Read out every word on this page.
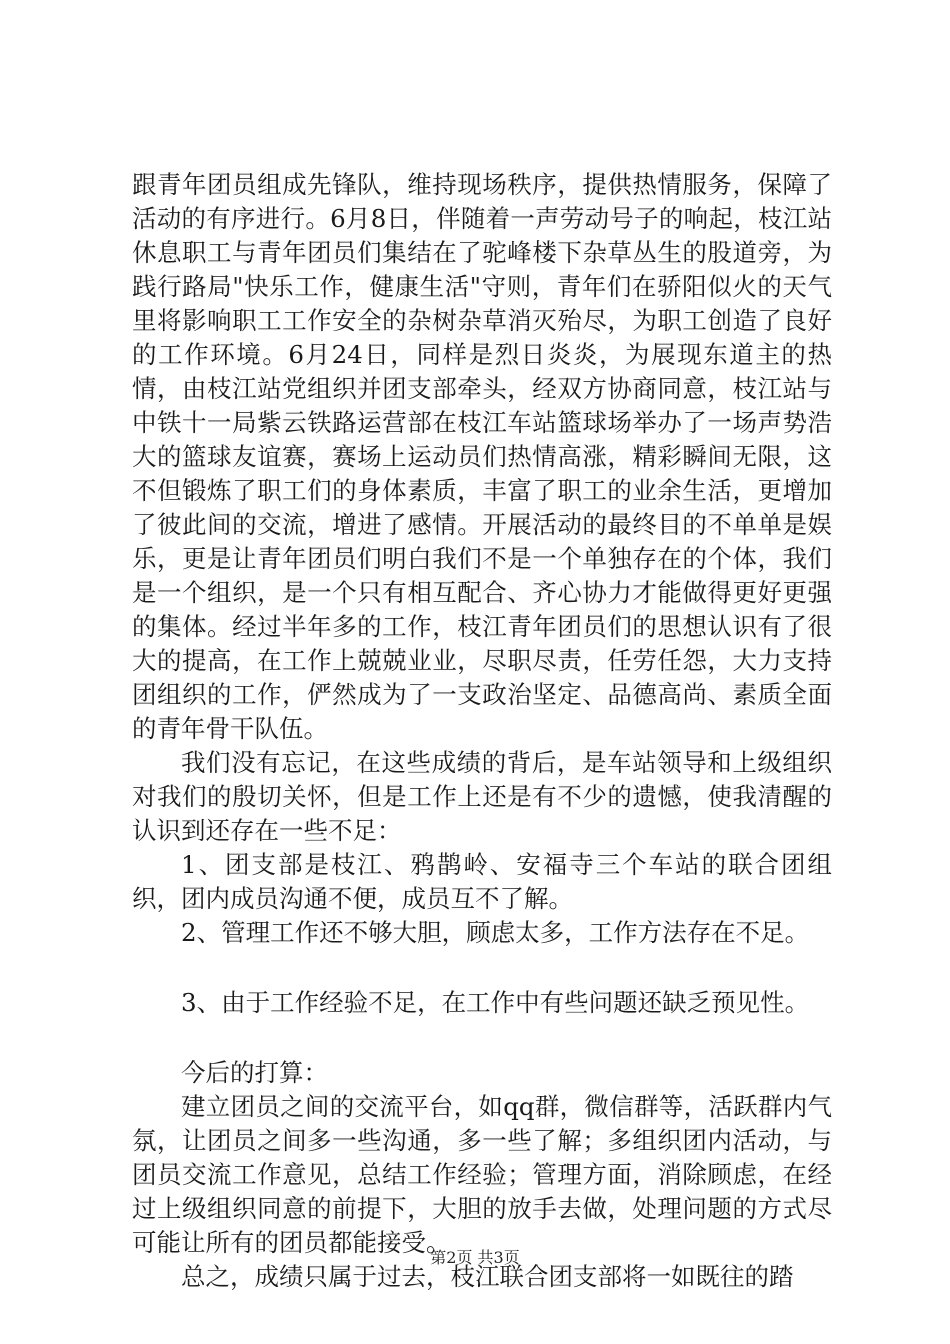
跟青年团员组成先锋队，维持现场秩序，提供热情服务，保障了活动的有序进行。6月8日，伴随着一声劳动号子的响起，枝江站休息职工与青年团员们集结在了驼峰楼下杂草丛生的股道旁，为践行路局"快乐工作，健康生活"守则，青年们在骄阳似火的天气里将影响职工工作安全的杂树杂草消灭殆尽，为职工创造了良好的工作环境。6月24日，同样是烈日炎炎，为展现东道主的热情，由枝江站党组织并团支部牵头，经双方协商同意，枝江站与中铁十一局紫云铁路运营部在枝江车站篮球场举办了一场声势浩大的篮球友谊赛，赛场上运动员们热情高涨，精彩瞬间无限，这不但锻炼了职工们的身体素质，丰富了职工的业余生活，更增加了彼此间的交流，增进了感情。开展活动的最终目的不单单是娱乐，更是让青年团员们明白我们不是一个单独存在的个体，我们是一个组织，是一个只有相互配合、齐心协力才能做得更好更强的集体。经过半年多的工作，枝江青年团员们的思想认识有了很大的提高，在工作上兢兢业业，尽职尽责，任劳任怨，大力支持团组织的工作，俨然成为了一支政治坚定、品德高尚、素质全面的青年骨干队伍。

我们没有忘记，在这些成绩的背后，是车站领导和上级组织对我们的殷切关怀，但是工作上还是有不少的遗憾，使我清醒的认识到还存在一些不足：

1、团支部是枝江、鸦鹊岭、安福寺三个车站的联合团组织，团内成员沟通不便，成员互不了解。

2、管理工作还不够大胆，顾虑太多，工作方法存在不足。

3、由于工作经验不足，在工作中有些问题还缺乏预见性。

今后的打算：

建立团员之间的交流平台，如qq群，微信群等，活跃群内气氛，让团员之间多一些沟通，多一些了解；多组织团内活动，与团员交流工作意见，总结工作经验；管理方面，消除顾虑，在经过上级组织同意的前提下，大胆的放手去做，处理问题的方式尽可能让所有的团员都能接受。

总之，成绩只属于过去，枝江联合团支部将一如既往的踏

第2页 共3页
